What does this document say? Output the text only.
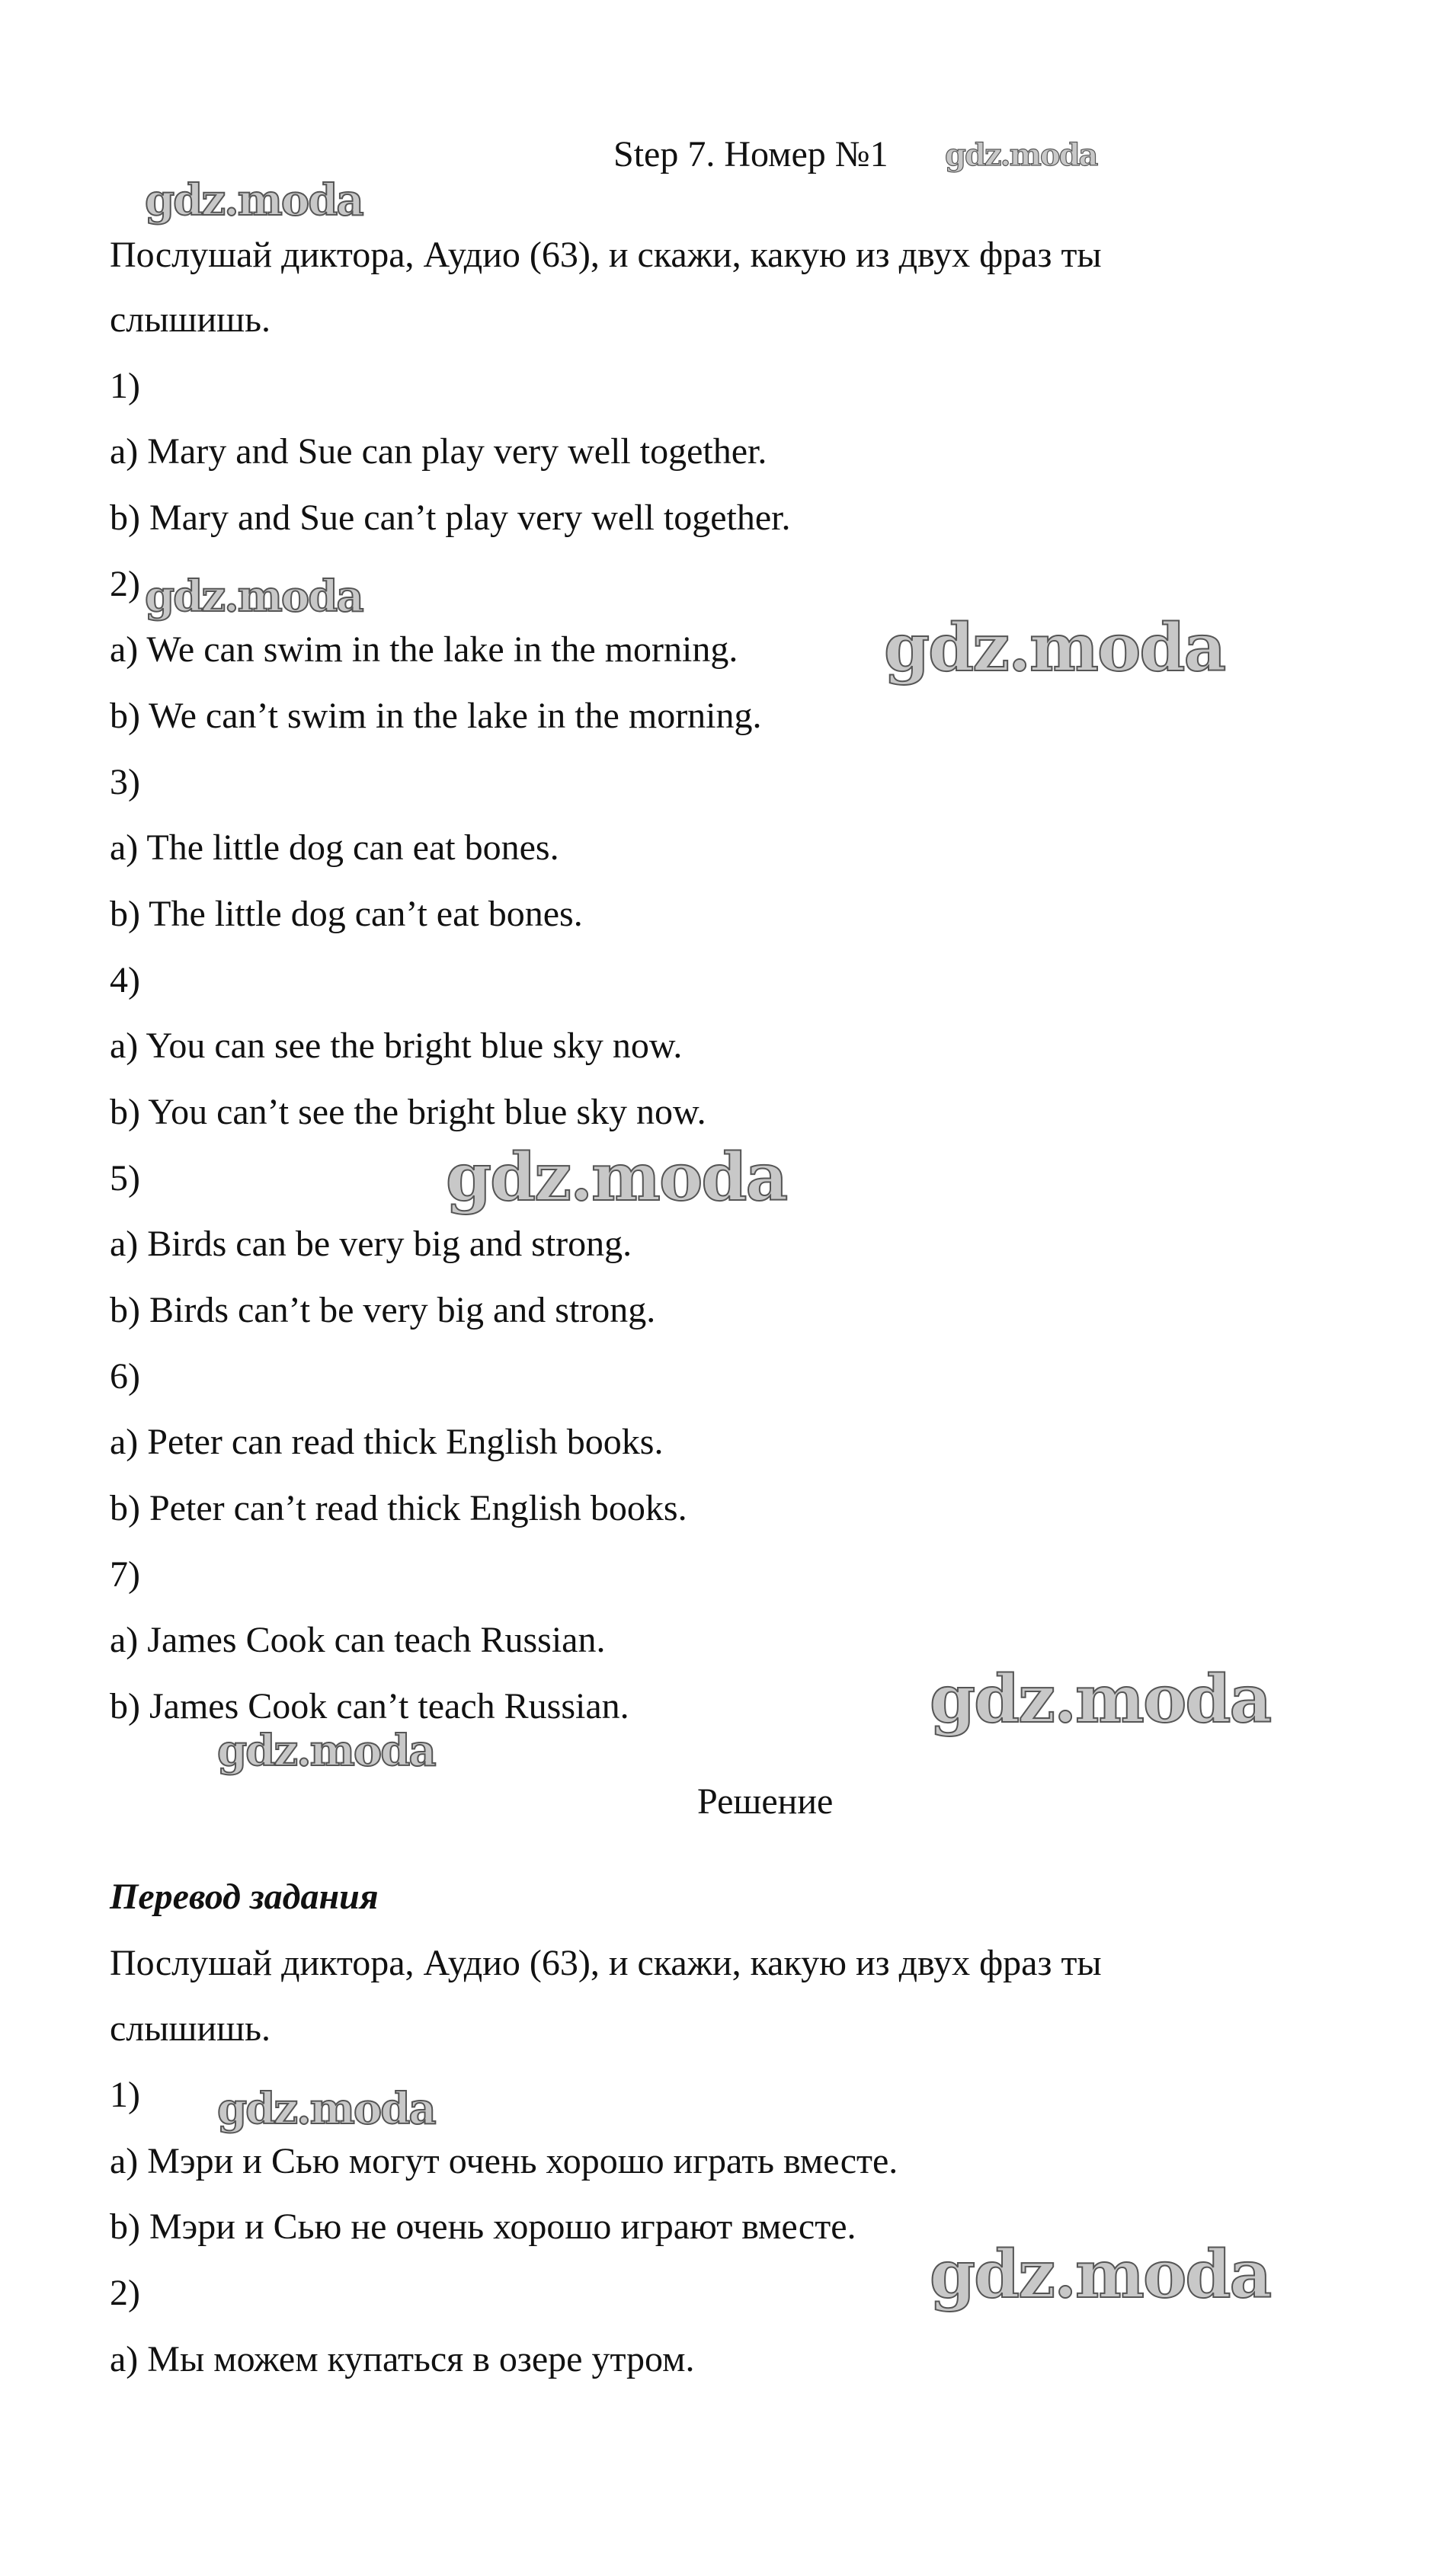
Step 7. Номер №1 gdz.moda
gdz.moda
Послушай диктора, Аудио (63), и скажи, какую из двух фраз ты
слышишь.
1)
a) Mary and Sue can play very well together.
b) Mary and Sue can’t play very well together.
2) gdz.moda
a) We can swim in the lake in the morning. gdz.moda
b) We can’t swim in the lake in the morning.
3)
a) The little dog can eat bones.
b) The little dog can’t eat bones.
4)
a) You can see the bright blue sky now.
b) You can’t see the bright blue sky now.
5)	gdz.moda
a) Birds can be very big and strong.
b) Birds can’t be very big and strong.
6)
a) Peter can read thick English books.
b) Peter can’t read thick English books.
7)
a) James Cook can teach Russian.
b) James Cook can’t teach Russian.	gdz.moda
gdz.moda
Решение
Перевод задания
Послушай диктора, Аудио (63), и скажи, какую из двух фраз ты
слышишь.
1) gdz.moda
a) Мэри и Сью могут очень хорошо играть вместе.
b) Мэри и Сью не очень хорошо играют вместе.
gdz.moda
2)
a) Мы можем купаться в озере утром.
